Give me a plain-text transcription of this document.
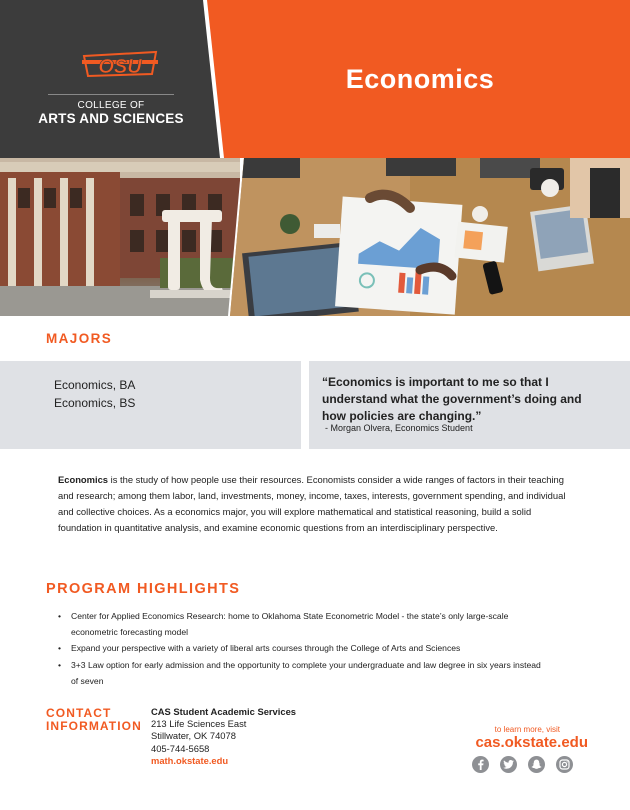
OSU
COLLEGE OF
ARTS AND SCIENCES
Economics
MAJORS
Economics, BA
Economics, BS
“Economics is important to me so that I understand what the government’s doing and how policies are changing.”
- Morgan Olvera, Economics Student
Economics is the study of how people use their resources. Economists consider a wide ranges of factors in their teaching and research; among them labor, land, investments, money, income, taxes, interests, government spending, and individual and collective choices. As a economics major, you will explore mathematical and statistical reasoning, build a solid foundation in quantitative analysis, and examine economic questions from an interdisciplinary perspective.
PROGRAM HIGHLIGHTS
• Center for Applied Economics Research: home to Oklahoma State Econometric Model - the state’s only large-scale econometric forecasting model
• Expand your perspective with a variety of liberal arts courses through the College of Arts and Sciences
• 3+3 Law option for early admission and the opportunity to complete your undergraduate and law degree in six years instead of seven
CONTACT
INFORMATION
CAS Student Academic Services
213 Life Sciences East
Stillwater, OK 74078
405-744-5658
math.okstate.edu
to learn more, visit
cas.okstate.edu
